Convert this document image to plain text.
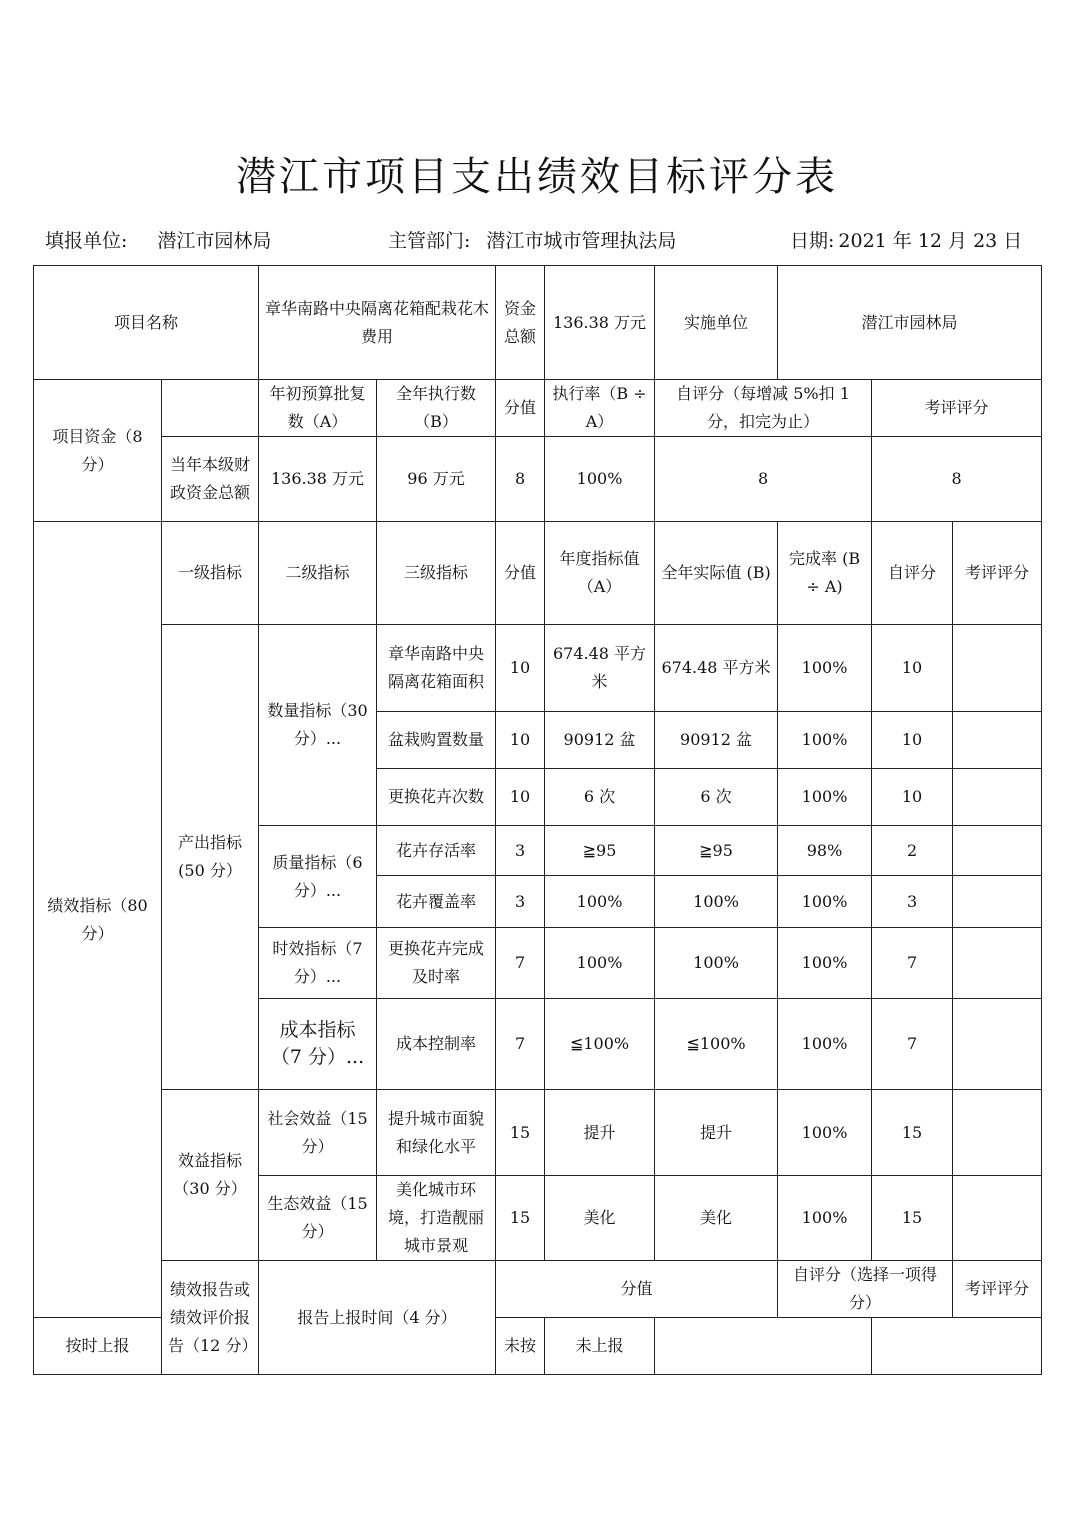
潜江市项目支出绩效目标评分表
填报单位: 潜江市园林局	主管部门: 潜江市城市管理执法局	日期: 2021 年 12 月 23 日
项目名称		章华南路中央隔离花箱配栽花木费用		资金总额	136.38 万元	实施单位	潜江市园林局			
项目资金（8 分）		年初预算批复数（A）	全年执行数（B）	分值	执行率（B ÷ A）	自评分（每增减 5%扣 1 分，扣完为止）		考评评分		
	当年本级财政资金总额	136.38 万元	96 万元	8	100%	8		8		
绩效指标（80 分）	一级指标	二级指标	三级指标	分值	年度指标值（A）	全年实际值 (B)	完成率 (B ÷ A)	自评分	考评评分	
	产出指标 (50 分）	数量指标（30 分）...	章华南路中央隔离花箱面积	10	674.48 平方米	674.48 平方米	100%	10		
			盆栽购置数量	10	90912 盆	90912 盆	100%	10		
			更换花卉次数	10	6 次	6 次	100%	10		
		质量指标（6 分）...	花卉存活率	3	≧95	≧95	98%	2		
			花卉覆盖率	3	100%	100%	100%	3		
		时效指标（7 分）...	更换花卉完成及时率	7	100%	100%	100%	7		
		成本指标（7 分）...	成本控制率	7	≦100%	≦100%	100%	7		
	效益指标（30 分）	社会效益（15 分）	提升城市面貌和绿化水平	15	提升	提升	100%	15		
		生态效益（15 分）	美化城市环境，打造靓丽城市景观	15	美化	美化	100%	15		
	绩效报告或绩效评价报告（12 分）	报告上报时间（4 分）		分值			自评分（选择一项得分）		考评评分	
按时上报				未按	未上报					
